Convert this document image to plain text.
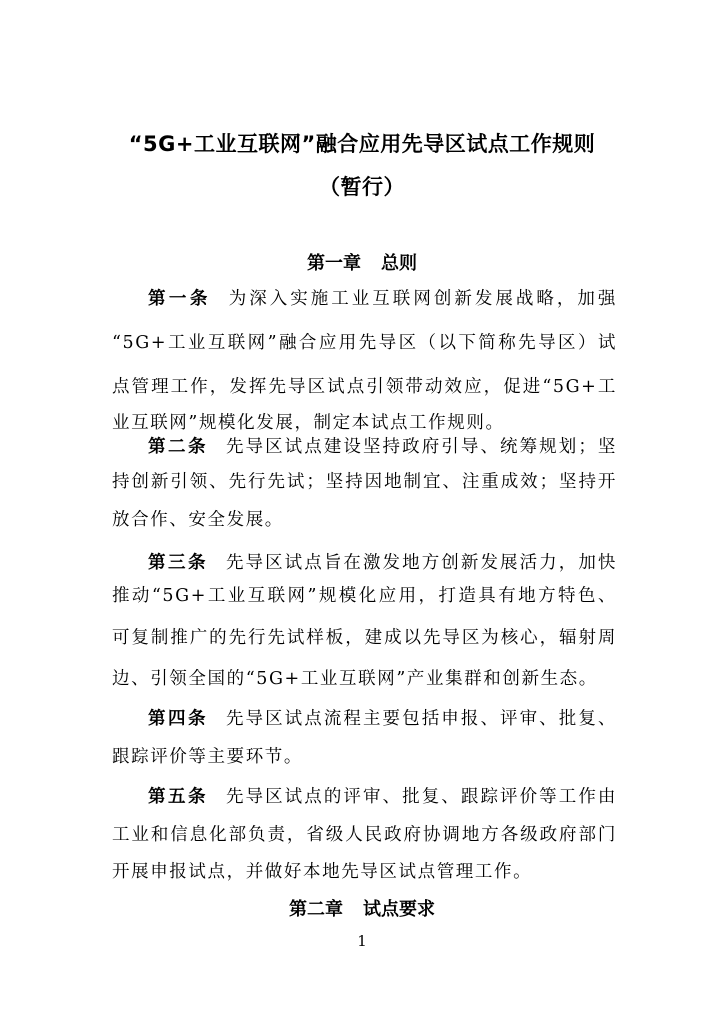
“5G+工业互联网”融合应用先导区试点工作规则
（暂行）
第一章 总则
第一条 为深入实施工业互联网创新发展战略，加强
“5G+工业互联网”融合应用先导区（以下简称先导区）试
点管理工作，发挥先导区试点引领带动效应，促进“5G+工
业互联网”规模化发展，制定本试点工作规则。
第二条 先导区试点建设坚持政府引导、统筹规划；坚
持创新引领、先行先试；坚持因地制宜、注重成效；坚持开
放合作、安全发展。
第三条 先导区试点旨在激发地方创新发展活力，加快
推动“5G+工业互联网”规模化应用，打造具有地方特色、
可复制推广的先行先试样板，建成以先导区为核心，辐射周
边、引领全国的“5G+工业互联网”产业集群和创新生态。
第四条 先导区试点流程主要包括申报、评审、批复、
跟踪评价等主要环节。
第五条 先导区试点的评审、批复、跟踪评价等工作由
工业和信息化部负责，省级人民政府协调地方各级政府部门
开展申报试点，并做好本地先导区试点管理工作。
第二章 试点要求
1
